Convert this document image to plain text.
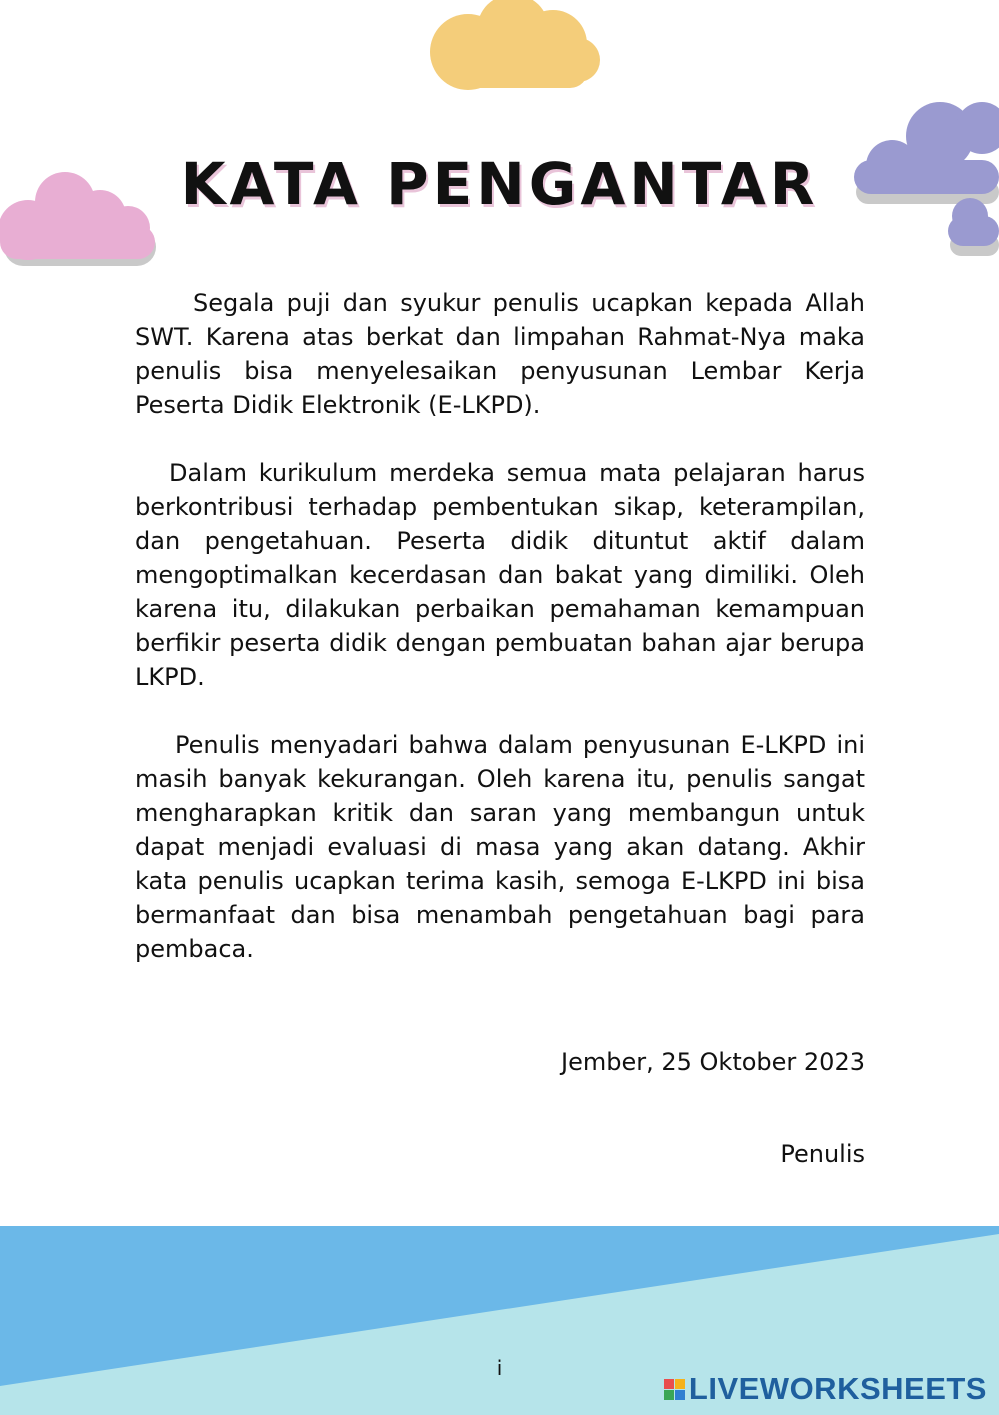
KATA PENGANTAR

Segala puji dan syukur penulis ucapkan kepada Allah SWT. Karena atas berkat dan limpahan Rahmat-Nya maka penulis bisa menyelesaikan penyusunan Lembar Kerja Peserta Didik Elektronik (E-LKPD).

Dalam kurikulum merdeka semua mata pelajaran harus berkontribusi terhadap pembentukan sikap, keterampilan, dan pengetahuan. Peserta didik dituntut aktif dalam mengoptimalkan kecerdasan dan bakat yang dimiliki. Oleh karena itu, dilakukan perbaikan pemahaman kemampuan berfikir peserta didik dengan pembuatan bahan ajar berupa LKPD.

Penulis menyadari bahwa dalam penyusunan E-LKPD ini masih banyak kekurangan. Oleh karena itu, penulis sangat mengharapkan kritik dan saran yang membangun untuk dapat menjadi evaluasi di masa yang akan datang. Akhir kata penulis ucapkan terima kasih, semoga E-LKPD ini bisa bermanfaat dan bisa menambah pengetahuan bagi para pembaca.

Jember, 25 Oktober 2023
Penulis
i
LIVEWORKSHEETS
